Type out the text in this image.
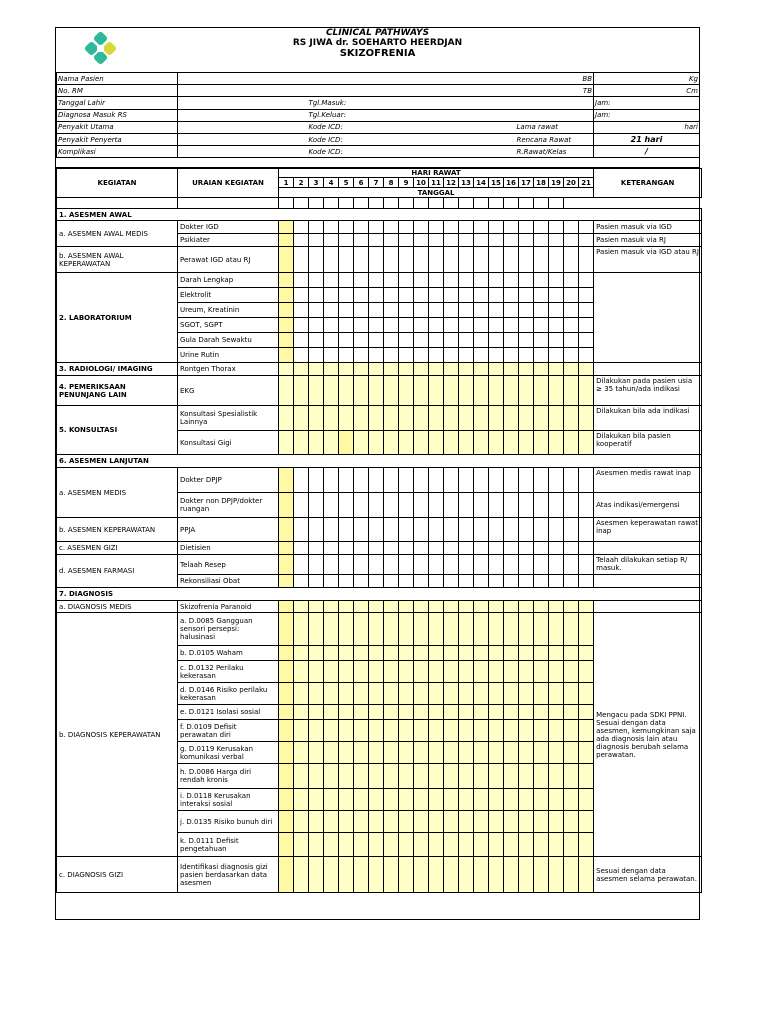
CLINICAL PATHWAYS
RS JIWA dr. SOEHARTO HEERDJAN
SKIZOFRENIA
Nama Pasien	BB			Kg
No. RM	TB			Cm
Tanggal Lahir		Tgl.Masuk:		Jam:
Diagnosa Masuk RS		Tgl.Keluar:		Jam:
Penyakit Utama		Kode ICD:	Lama rawat	hari
Penyakit Penyerta		Kode ICD:	Rencana Rawat	21 hari
Komplikasi		Kode ICD:	R.Rawat/Kelas	/
KEGIATAN	URAIAN KEGIATAN	HARI RAWAT																					KETERANGAN
		1	2	3	4	5	6	7	8	9	10	11	12	13	14	15	16	17	18	19	20	21	
		TANGGAL																					

1. ASESMEN AWAL																							
a. ASESMEN AWAL MEDIS	Dokter IGD																						Pasien masuk via IGD
	Psikiater																						Pasien masuk via RJ
b. ASESMEN AWAL KEPERAWATAN	Perawat IGD atau RJ																						Pasien masuk via IGD atau RJ
2. LABORATORIUM	Darah Lengkap																						
	Elektrolit																						
	Ureum, Kreatinin																						
	SGOT, SGPT																						
	Gula Darah Sewaktu																						
	Urine Rutin																						
3. RADIOLOGI/ IMAGING	Rontgen Thorax																						
4. PEMERIKSAAN PENUNJANG LAIN	EKG																						Dilakukan pada pasien usia ≥ 35 tahun/ada indikasi
5. KONSULTASI	Konsultasi Spesialistik Lainnya																						Dilakukan bila ada indikasi
	Konsultasi Gigi																						Dilakukan bila pasien kooperatif
6. ASESMEN LANJUTAN																							
a. ASESMEN MEDIS	Dokter DPJP																						Asesmen medis rawat inap
	Dokter non DPJP/dokter ruangan																						Atas indikasi/emergensi
b. ASESMEN KEPERAWATAN	PPJA																						Asesmen keperawatan rawat inap
c. ASESMEN GIZI	Dietisien																						
d. ASESMEN FARMASI	Telaah Resep																						Telaah dilakukan setiap R/ masuk.
	Rekonsiliasi Obat																						
7. DIAGNOSIS																							
a. DIAGNOSIS MEDIS	Skizofrenia Paranoid																						
b. DIAGNOSIS KEPERAWATAN	a. D.0085 Gangguan sensori persepsi: halusinasi																						Mengacu pada SDKI PPNI. Sesuai dengan data asesmen, kemungkinan saja ada diagnosis lain atau diagnosis berubah selama perawatan.
	b. D.0105 Waham																						
	c. D.0132 Perilaku kekerasan																						
	d. D.0146 Risiko perilaku kekerasan																						
	e. D.0121 Isolasi sosial																						
	f. D.0109 Defisit perawatan diri																						
	g. D.0119 Kerusakan komunikasi verbal																						
	h. D.0086 Harga diri rendah kronis																						
	i. D.0118 Kerusakan interaksi sosial																						
	j. D.0135 Risiko bunuh diri																						
	k. D.0111 Defisit pengetahuan																						
c. DIAGNOSIS GIZI	Identifikasi diagnosis gizi pasien berdasarkan data asesmen																						Sesuai dengan data asesmen selama perawatan.
